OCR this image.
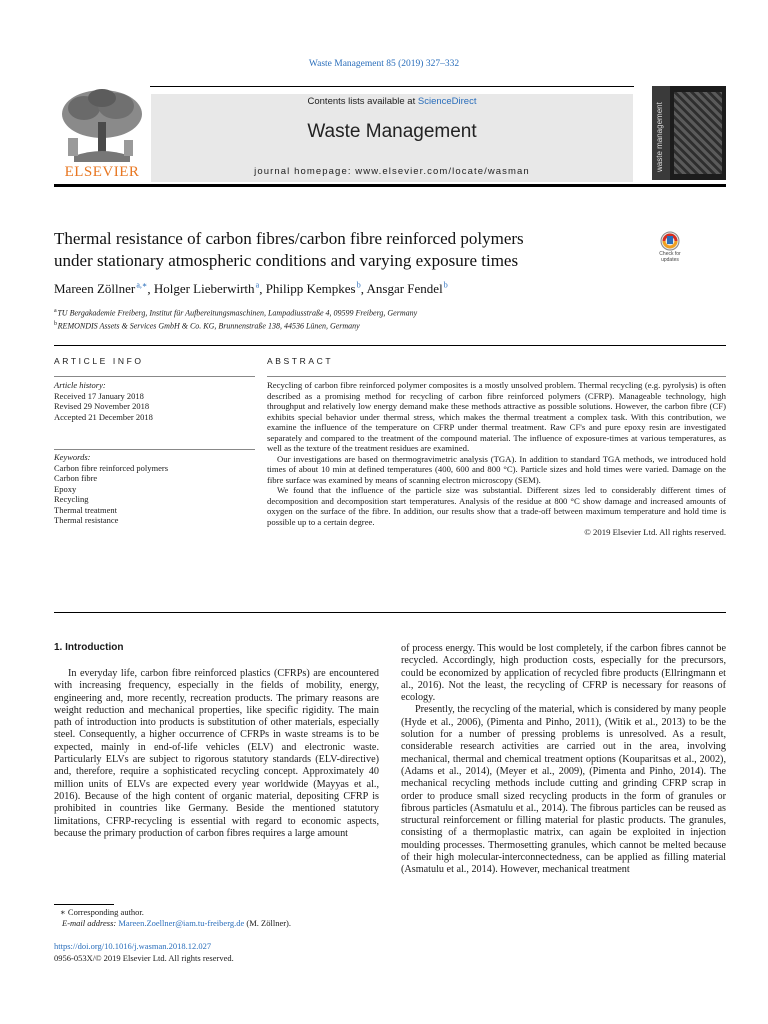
Waste Management 85 (2019) 327–332
ELSEVIER
Contents lists available at ScienceDirect
Waste Management
journal homepage: www.elsevier.com/locate/wasman	waste management
Thermal resistance of carbon fibres/carbon fibre reinforced polymers
under stationary atmospheric conditions and varying exposure times	Check for updates
Mareen Zöllner $^{a,∗}$, Holger Lieberwirth $^a$, Philipp Kempkes $^b$, Ansgar Fendel $^b$
$^a$ TU Bergakademie Freiberg, Institut für Aufbereitungsmaschinen, Lampadiusstraße 4, 09599 Freiberg, Germany
$^b$ REMONDIS Assets & Services GmbH & Co. KG, Brunnenstraße 138, 44536 Lünen, Germany
ARTICLE INFO	ABSTRACT
Article history:
Received 17 January 2018
Revised 29 November 2018
Accepted 21 December 2018
Keywords:
Carbon fibre reinforced polymers
Carbon fibre
Epoxy
Recycling
Thermal treatment
Thermal resistance

Recycling of carbon fibre reinforced polymer composites is a mostly unsolved problem. Thermal recycling (e.g. pyrolysis) is often described as a promising method for recycling of carbon fibre reinforced polymers (CFRP). Manageable technology, high throughput and relatively low energy demand make these methods attractive as possible solutions. However, the carbon fibre (CF) exhibits special behavior under thermal stress, which makes the thermal treatment a complex task. With this contribution, we examine the influence of the temperature on CFRP under thermal treatment. Raw CF's and pure epoxy resin are investigated separately and compared to the treatment of the compound material. The influence of exposure-times at various temperatures, as well as the texture of the treatment residues are examined.

Our investigations are based on thermogravimetric analysis (TGA). In addition to standard TGA methods, we introduced hold times of about 10 min at defined temperatures (400, 600 and 800 °C). Particle sizes and hold times were varied. Damage on the fibre surface was examined by means of scanning electron microscopy (SEM).

We found that the influence of the particle size was substantial. Different sizes led to considerably different times of decomposition and decomposition start temperatures. Analysis of the residue at 800 °C show damage and increased amounts of oxygen on the surface of the fibre. In addition, our results show that a trade-off between maximum temperature and hold time is possible up to a certain degree.

© 2019 Elsevier Ltd. All rights reserved.
1. Introduction

In everyday life, carbon fibre reinforced plastics (CFRPs) are encountered with increasing frequency, especially in the fields of mobility, energy, engineering and, more recently, recreation products. The primary reasons are weight reduction and mechanical properties, like specific rigidity. The main path of introduction into products is substitution of other materials, especially steel. Consequently, a higher occurrence of CFRPs in waste streams is to be expected, mainly in end-of-life vehicles (ELV) and electronic waste. Particularly ELVs are subject to rigorous statutory standards (ELV-directive) and, therefore, require a sophisticated recycling concept. Approximately 40 million units of ELVs are expected every year worldwide (Mayyas et al., 2016). Because of the high content of organic material, depositing CFRP is prohibited in countries like Germany. Beside the mentioned statutory limitations, CFRP-recycling is essential with regard to economic aspects, because the primary production of carbon fibres requires a large amount

of process energy. This would be lost completely, if the carbon fibres cannot be recycled. Accordingly, high production costs, especially for the precursors, could be economized by application of recycled fibre products (Ellringmann et al., 2016). Not the least, the recycling of CFRP is necessary for reasons of ecology.

Presently, the recycling of the material, which is considered by many people (Hyde et al., 2006), (Pimenta and Pinho, 2011), (Witik et al., 2013) to be the solution for a number of pressing problems is unresolved. As a result, considerable research activities are carried out in the area, involving mechanical, thermal and chemical treatment options (Kouparitsas et al., 2002), (Adams et al., 2014), (Meyer et al., 2009), (Pimenta and Pinho, 2014). The mechanical recycling methods include cutting and grinding CFRP scrap in order to produce small sized recycling products in the form of granules or fibrous particles (Asmatulu et al., 2014). The fibrous particles can be reused as structural reinforcement or filling material for plastic products. The granules, consisting of a thermoplastic matrix, can again be exploited in injection moulding processes. Thermosetting granules, which cannot be melted because of their high molecular-interconnectedness, can be applied as filling material (Asmatulu et al., 2014). However, mechanical treatment

∗ Corresponding author.
E-mail address: Mareen.Zoellner@iam.tu-freiberg.de (M. Zöllner).
https://doi.org/10.1016/j.wasman.2018.12.027
0956-053X/© 2019 Elsevier Ltd. All rights reserved.
